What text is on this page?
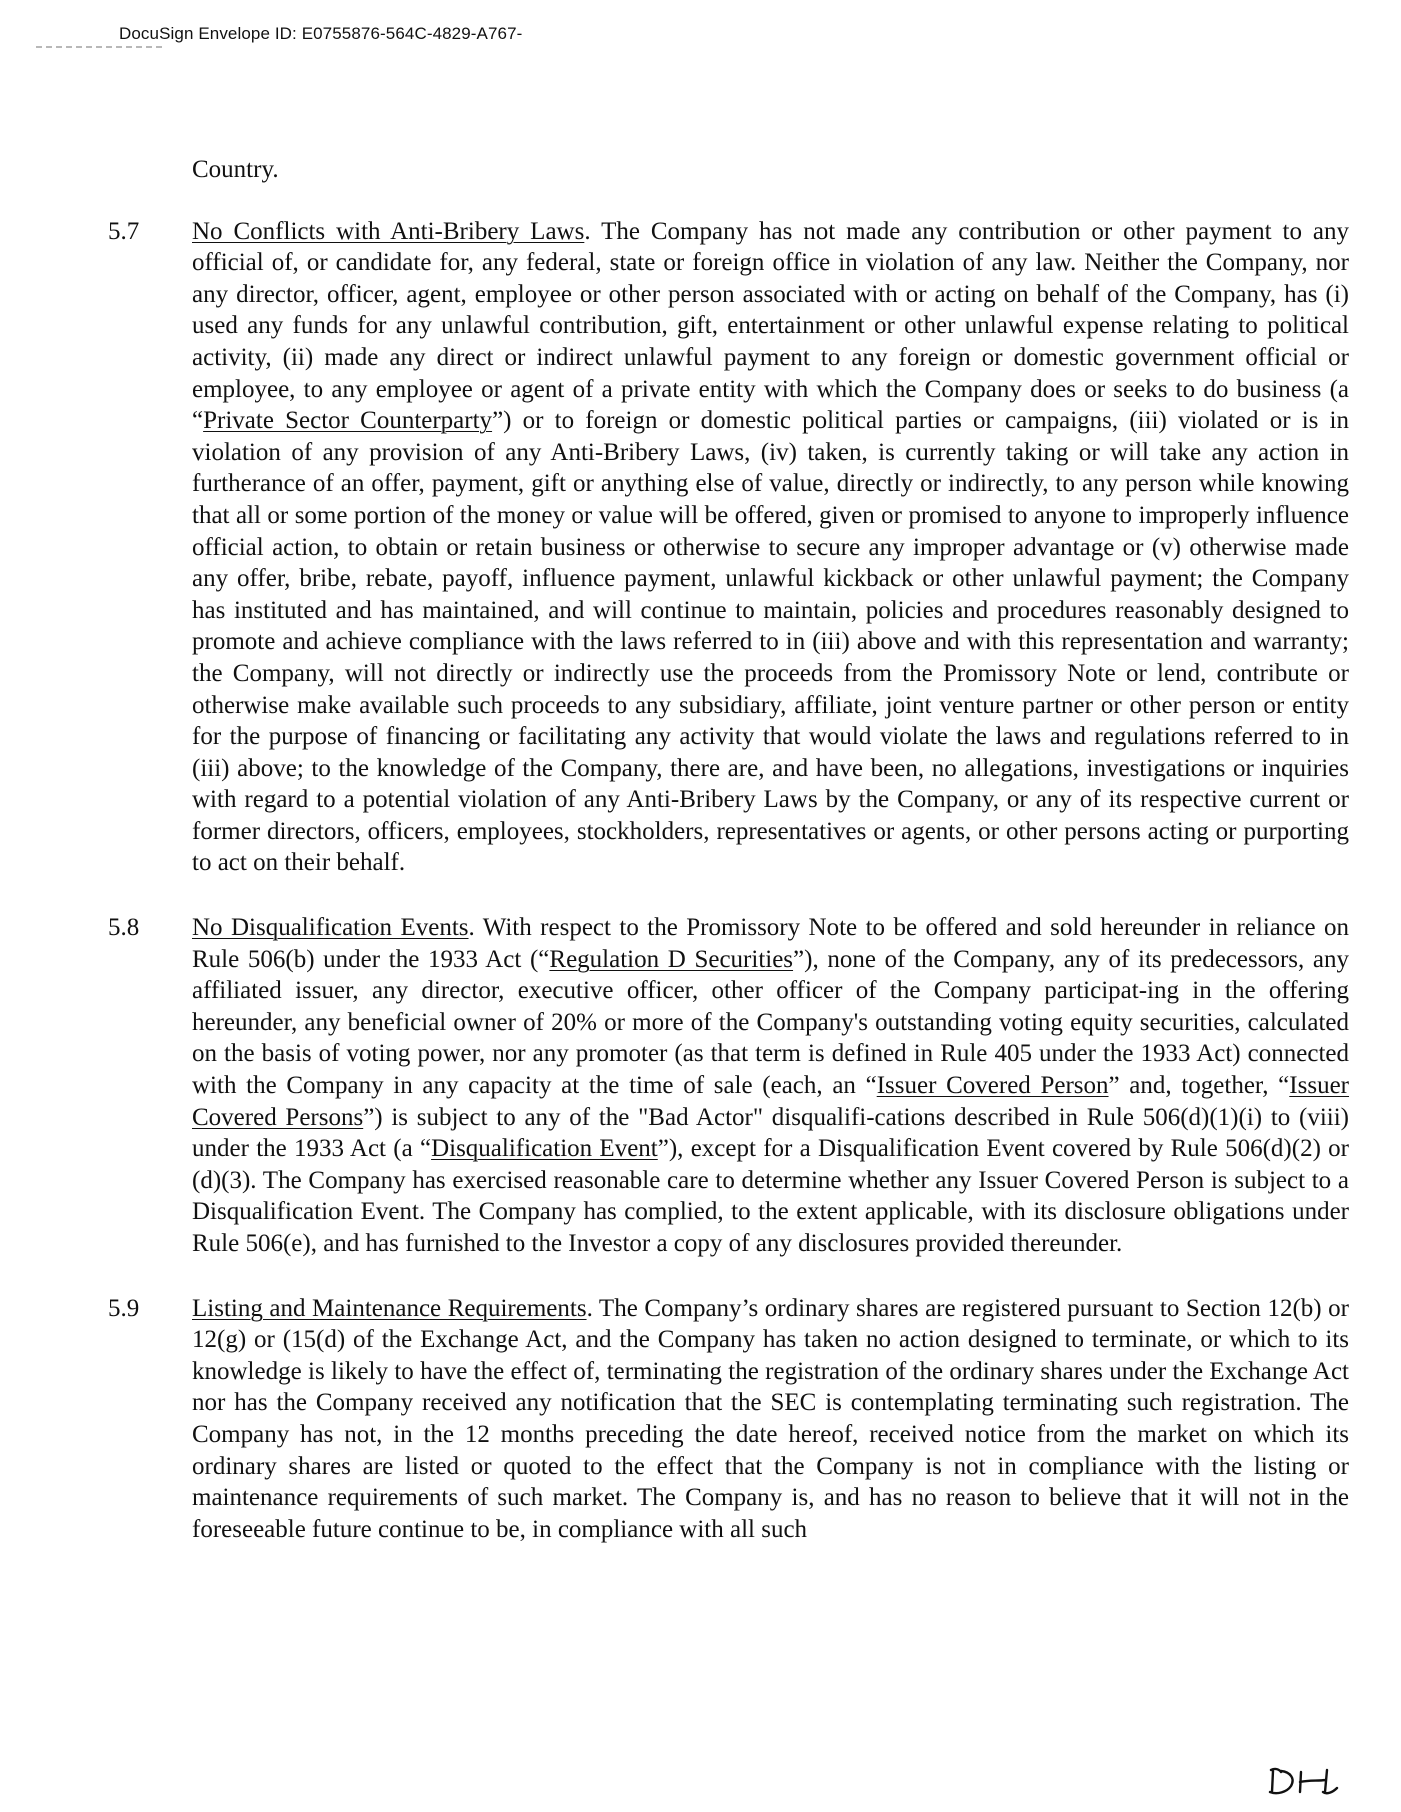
DocuSign Envelope ID: E0755876-564C-4829-A767-
Country.
5.7 No Conflicts with Anti-Bribery Laws. The Company has not made any contribution or other payment to any official of, or candidate for, any federal, state or foreign office in violation of any law. Neither the Company, nor any director, officer, agent, employee or other person associated with or acting on behalf of the Company, has (i) used any funds for any unlawful contribution, gift, entertainment or other unlawful expense relating to political activity, (ii) made any direct or indirect unlawful payment to any foreign or domestic government official or employee, to any employee or agent of a private entity with which the Company does or seeks to do business (a “Private Sector Counterparty”) or to foreign or domestic political parties or campaigns, (iii) violated or is in violation of any provision of any Anti-Bribery Laws, (iv) taken, is currently taking or will take any action in furtherance of an offer, payment, gift or anything else of value, directly or indirectly, to any person while knowing that all or some portion of the money or value will be offered, given or promised to anyone to improperly influence official action, to obtain or retain business or otherwise to secure any improper advantage or (v) otherwise made any offer, bribe, rebate, payoff, influence payment, unlawful kickback or other unlawful payment; the Company has instituted and has maintained, and will continue to maintain, policies and procedures reasonably designed to promote and achieve compliance with the laws referred to in (iii) above and with this representation and warranty; the Company, will not directly or indirectly use the proceeds from the Promissory Note or lend, contribute or otherwise make available such proceeds to any subsidiary, affiliate, joint venture partner or other person or entity for the purpose of financing or facilitating any activity that would violate the laws and regulations referred to in (iii) above; to the knowledge of the Company, there are, and have been, no allegations, investigations or inquiries with regard to a potential violation of any Anti-Bribery Laws by the Company, or any of its respective current or former directors, officers, employees, stockholders, representatives or agents, or other persons acting or purporting to act on their behalf.

5.8 No Disqualification Events. With respect to the Promissory Note to be offered and sold hereunder in reliance on Rule 506(b) under the 1933 Act (“Regulation D Securities”), none of the Company, any of its predecessors, any affiliated issuer, any director, executive officer, other officer of the Company participat-ing in the offering hereunder, any beneficial owner of 20% or more of the Company's outstanding voting equity securities, calculated on the basis of voting power, nor any promoter (as that term is defined in Rule 405 under the 1933 Act) connected with the Company in any capacity at the time of sale (each, an “Issuer Covered Person” and, together, “Issuer Covered Persons”) is subject to any of the "Bad Actor" disqualifi-cations described in Rule 506(d)(1)(i) to (viii) under the 1933 Act (a “Disqualification Event”), except for a Disqualification Event covered by Rule 506(d)(2) or (d)(3). The Company has exercised reasonable care to determine whether any Issuer Covered Person is subject to a Disqualification Event. The Company has complied, to the extent applicable, with its disclosure obligations under Rule 506(e), and has furnished to the Investor a copy of any disclosures provided thereunder.

5.9 Listing and Maintenance Requirements. The Company’s ordinary shares are registered pursuant to Section 12(b) or 12(g) or (15(d) of the Exchange Act, and the Company has taken no action designed to terminate, or which to its knowledge is likely to have the effect of, terminating the registration of the ordinary shares under the Exchange Act nor has the Company received any notification that the SEC is contemplating terminating such registration. The Company has not, in the 12 months preceding the date hereof, received notice from the market on which its ordinary shares are listed or quoted to the effect that the Company is not in compliance with the listing or maintenance requirements of such market. The Company is, and has no reason to believe that it will not in the foreseeable future continue to be, in compliance with all such
